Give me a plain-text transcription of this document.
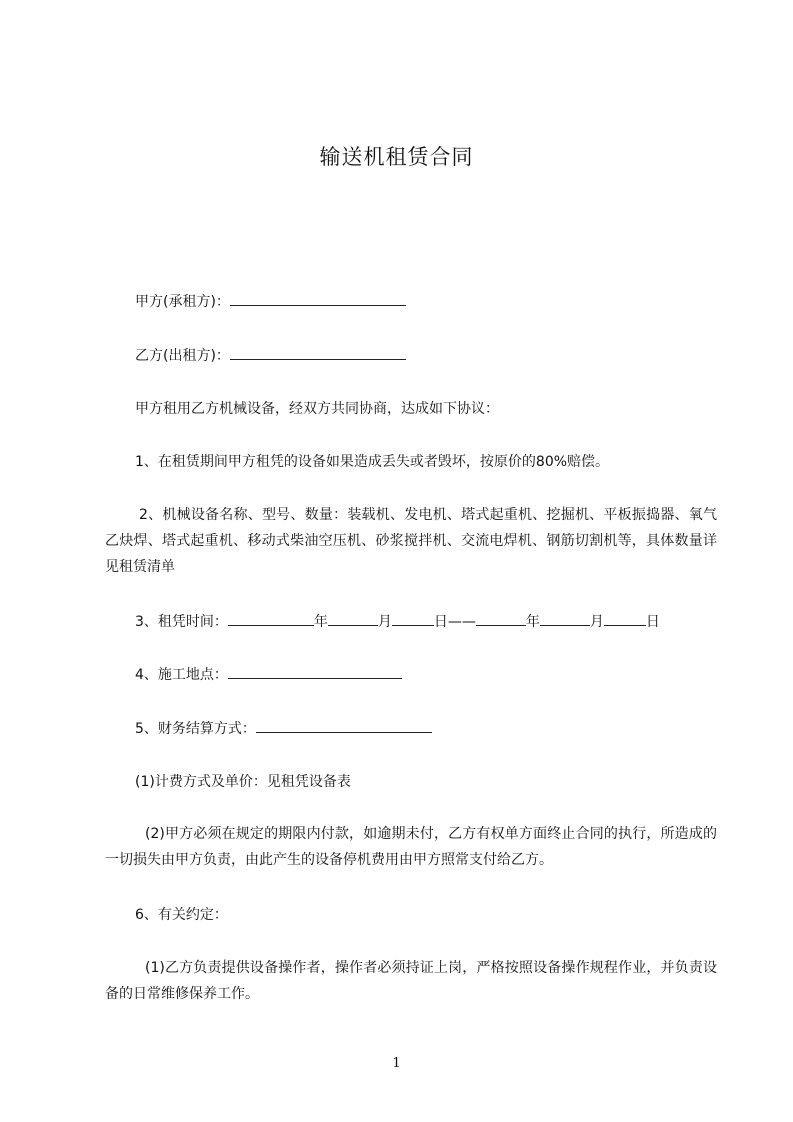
输送机租赁合同
甲方(承租方)：
乙方(出租方)：
甲方租用乙方机械设备，经双方共同协商，达成如下协议：
1、在租赁期间甲方租凭的设备如果造成丢失或者毁坏，按原价的80%赔偿。
2、机械设备名称、型号、数量：装载机、发电机、塔式起重机、挖掘机、平板振捣器、氧气乙炔焊、塔式起重机、移动式柴油空压机、砂浆搅拌机、交流电焊机、钢筋切割机等，具体数量详见租赁清单
3、租凭时间：	年	月	日——	年	月	日
4、施工地点：
5、财务结算方式：
(1)计费方式及单价：见租凭设备表
(2)甲方必须在规定的期限内付款，如逾期未付，乙方有权单方面终止合同的执行，所造成的一切损失由甲方负责，由此产生的设备停机费用由甲方照常支付给乙方。
6、有关约定：
(1)乙方负责提供设备操作者，操作者必须持证上岗，严格按照设备操作规程作业，并负责设备的日常维修保养工作。
1
